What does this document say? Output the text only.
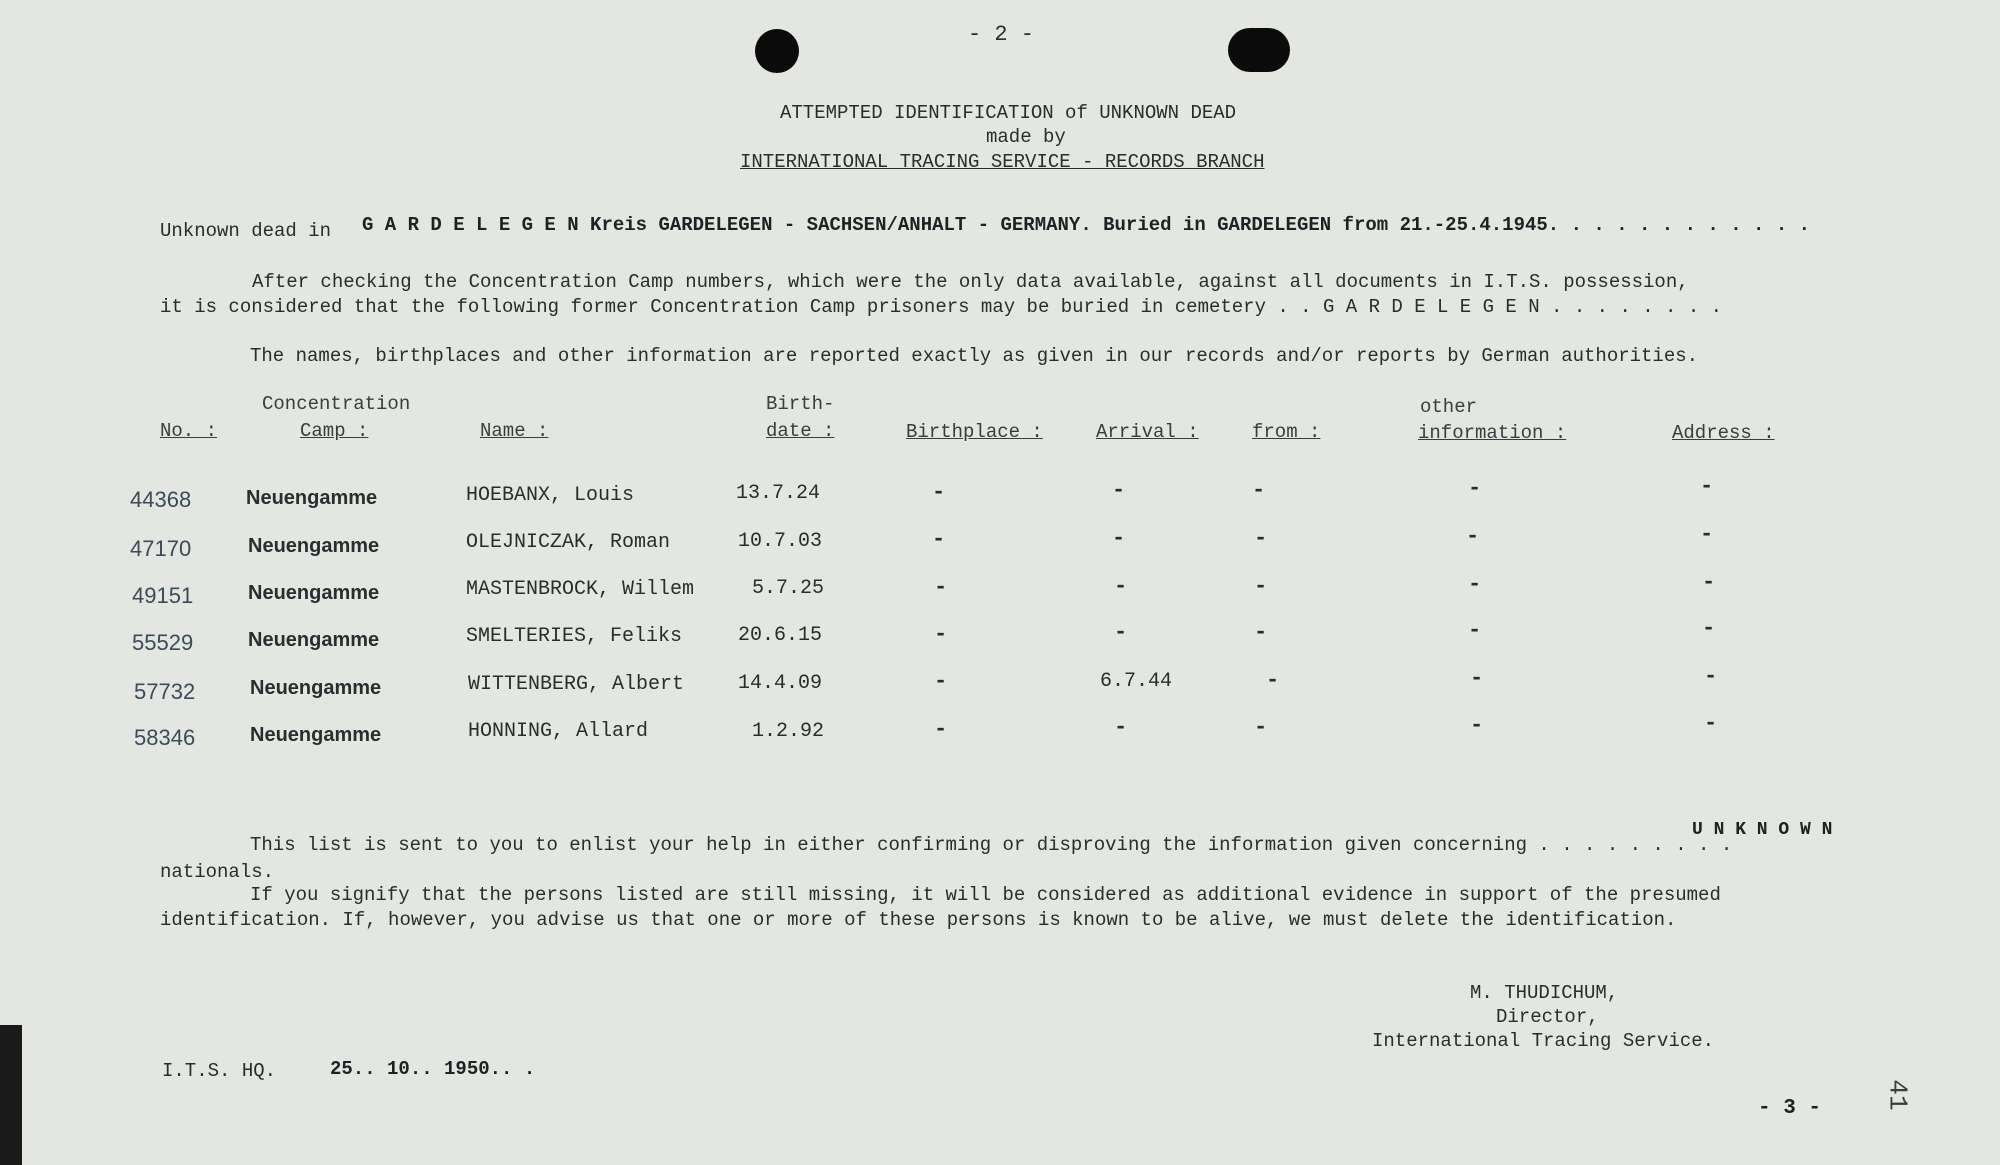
- 2 -
ATTEMPTED IDENTIFICATION of UNKNOWN DEAD
made by
INTERNATIONAL TRACING SERVICE - RECORDS BRANCH
Unknown dead in G A R D E L E G E N Kreis GARDELEGEN - SACHSEN/ANHALT - GERMANY. Buried in GARDELEGEN from 21.-25.4.1945. . . . . . . . . . . .
After checking the Concentration Camp numbers, which were the only data available, against all documents in I.T.S. possession,
it is considered that the following former Concentration Camp prisoners may be buried in cemetery . . G A R D E L E G E N . . . . . . . .
The names, birthplaces and other information are reported exactly as given in our records and/or reports by German authorities.
Concentration	Birth-	other
No. :	Camp :	Name :	date :	Birthplace :	Arrival :	from :	information :	Address :
44368	Neuengamme	HOEBANX, Louis	13.7.24	-	-	-	-	-
47170	Neuengamme	OLEJNICZAK, Roman	10.7.03	-	-	-	-	-
49151	Neuengamme	MASTENBROCK, Willem	5.7.25	-	-	-	-	-
55529	Neuengamme	SMELTERIES, Feliks	20.6.15	-	-	-	-	-
57732	Neuengamme	WITTENBERG, Albert	14.4.09	-	6.7.44	-	-	-
58346	Neuengamme	HONNING, Allard	1.2.92	-	-	-	-	-
U N K N O W N
This list is sent to you to enlist your help in either confirming or disproving the information given concerning . . . . . . . . .
nationals.
If you signify that the persons listed are still missing, it will be considered as additional evidence in support of the presumed
identification. If, however, you advise us that one or more of these persons is known to be alive, we must delete the identification.
M. THUDICHUM,
Director,
International Tracing Service.
I.T.S. HQ.	25.. 10.. 1950.. .
- 3 - 41
